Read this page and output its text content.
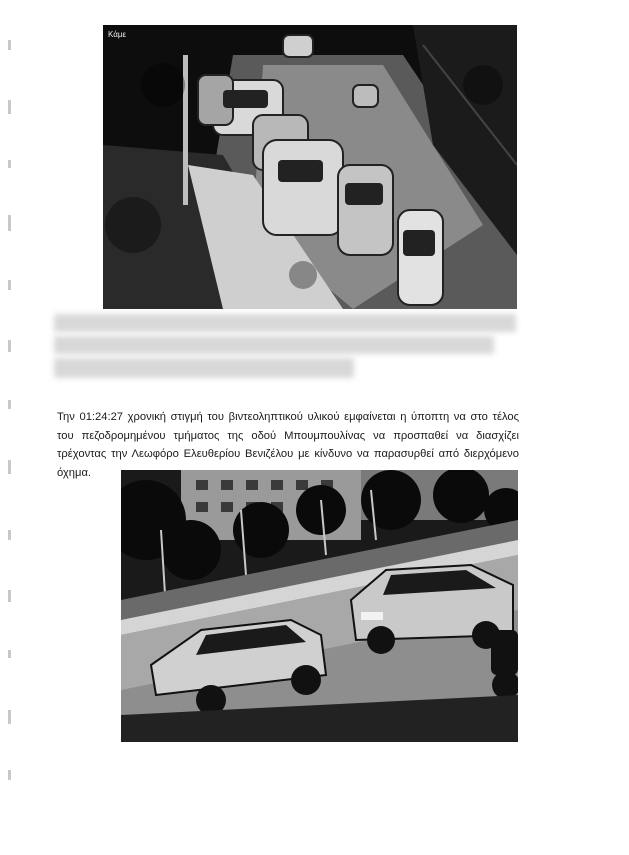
Κάμε

Την 01:24:27 χρονική στιγμή του βιντεοληπτικού υλικού εμφαίνεται η ύποπτη να στο τέλος του πεζοδρομημένου τμήματος της οδού Μπουμπουλίνας να προσπαθεί να διασχίζει τρέχοντας την Λεωφόρο Ελευθερίου Βενιζέλου με κίνδυνο να παρασυρθεί από διερχόμενο όχημα.
